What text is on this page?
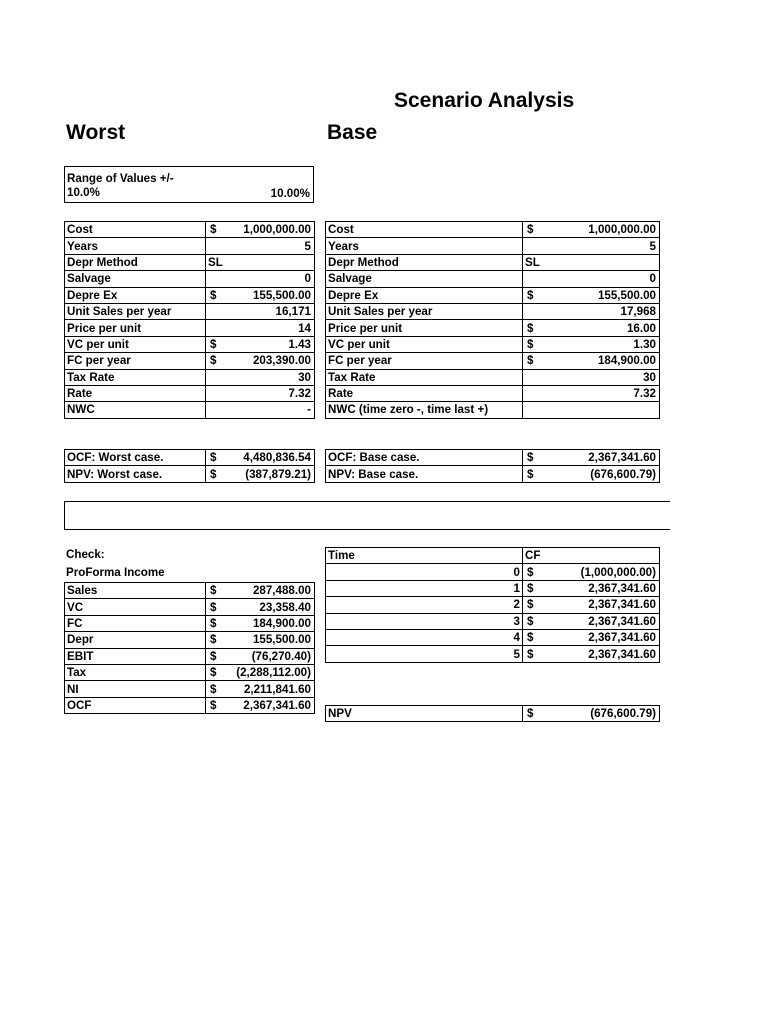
Scenario Analysis
Worst	Base
Range of Values +/- 10.0%	10.00%
Cost	$ 1,000,000.00

Years	5

Depr Method	SL
Salvage	0

Depre Ex	$ 155,500.00

Unit Sales per year	16,171

Price per unit	14

VC per unit	$ 1.43

FC per year	$ 203,390.00

Tax Rate	30

Rate	7.32

NWC	-
Cost	$ 1,000,000.00

Years	5

Depr Method	SL
Salvage	0

Depre Ex	$ 155,500.00

Unit Sales per year	17,968

Price per unit	$ 16.00

VC per unit	$ 1.30

FC per year	$ 184,900.00

Tax Rate	30

Rate	7.32

NWC (time zero -, time last +)	
OCF: Worst case.	$ 4,480,836.54

NPV: Worst case.	$ (387,879.21)
OCF: Base case.	$ 2,367,341.60

NPV: Base case.	$ (676,600.79)
Check:
ProForma Income
Sales	$ 287,488.00

VC	$ 23,358.40

FC	$ 184,900.00

Depr	$ 155,500.00

EBIT	$ (76,270.40)

Tax	$ (2,288,112.00)

NI	$ 2,211,841.60

OCF	$ 2,367,341.60
Time	CF
0	$ (1,000,000.00)

1	$ 2,367,341.60

2	$ 2,367,341.60

3	$ 2,367,341.60

4	$ 2,367,341.60

5	$ 2,367,341.60
NPV	$	(676,600.79)
